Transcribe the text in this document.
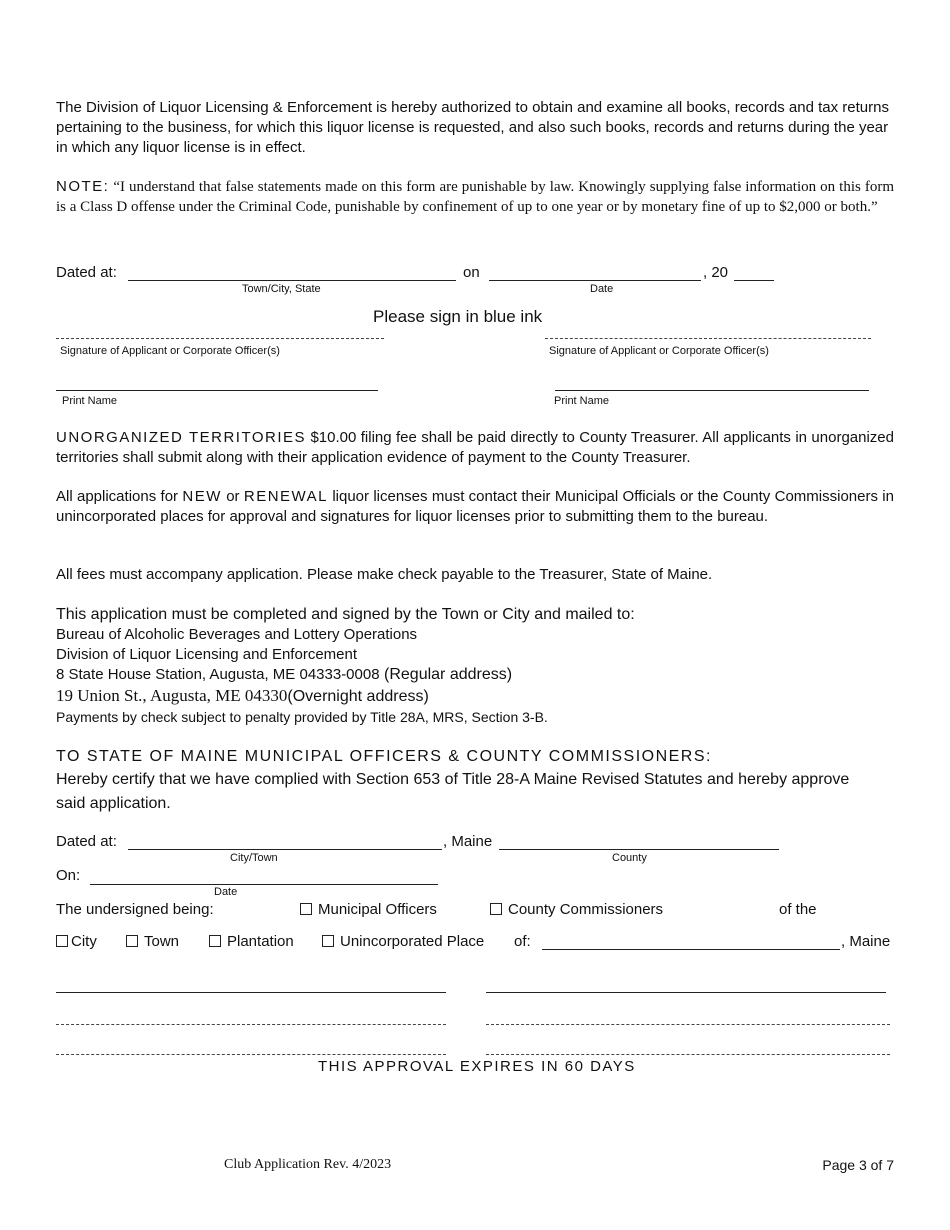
The Division of Liquor Licensing & Enforcement is hereby authorized to obtain and examine all books, records and tax returns pertaining to the business, for which this liquor license is requested, and also such books, records and returns during the year in which any liquor license is in effect.
NOTE: “I understand that false statements made on this form are punishable by law. Knowingly supplying false information on this form is a Class D offense under the Criminal Code, punishable by confinement of up to one year or by monetary fine of up to $2,000 or both.”
Dated at:	on	, 20
Town/City, State	Date
Please sign in blue ink
Signature of Applicant or Corporate Officer(s)	Signature of Applicant or Corporate Officer(s)
Print Name	Print Name
UNORGANIZED TERRITORIES $10.00 filing fee shall be paid directly to County Treasurer. All applicants in unorganized territories shall submit along with their application evidence of payment to the County Treasurer.
All applications for NEW or RENEWAL liquor licenses must contact their Municipal Officials or the County Commissioners in unincorporated places for approval and signatures for liquor licenses prior to submitting them to the bureau.
All fees must accompany application. Please make check payable to the Treasurer, State of Maine.
This application must be completed and signed by the Town or City and mailed to:
Bureau of Alcoholic Beverages and Lottery Operations
Division of Liquor Licensing and Enforcement
8 State House Station, Augusta, ME 04333-0008 (Regular address)
19 Union St., Augusta, ME 04330(Overnight address)
Payments by check subject to penalty provided by Title 28A, MRS, Section 3-B.
TO STATE OF MAINE MUNICIPAL OFFICERS & COUNTY COMMISSIONERS:
Hereby certify that we have complied with Section 653 of Title 28-A Maine Revised Statutes and hereby approve said application.
Dated at:	, Maine
City/Town	County
On:
Date
The undersigned being:	Municipal Officers	County Commissioners	of the
City	Town	Plantation	Unincorporated Place of:	, Maine
THIS APPROVAL EXPIRES IN 60 DAYS
Club Application Rev. 4/2023	Page 3 of 7
